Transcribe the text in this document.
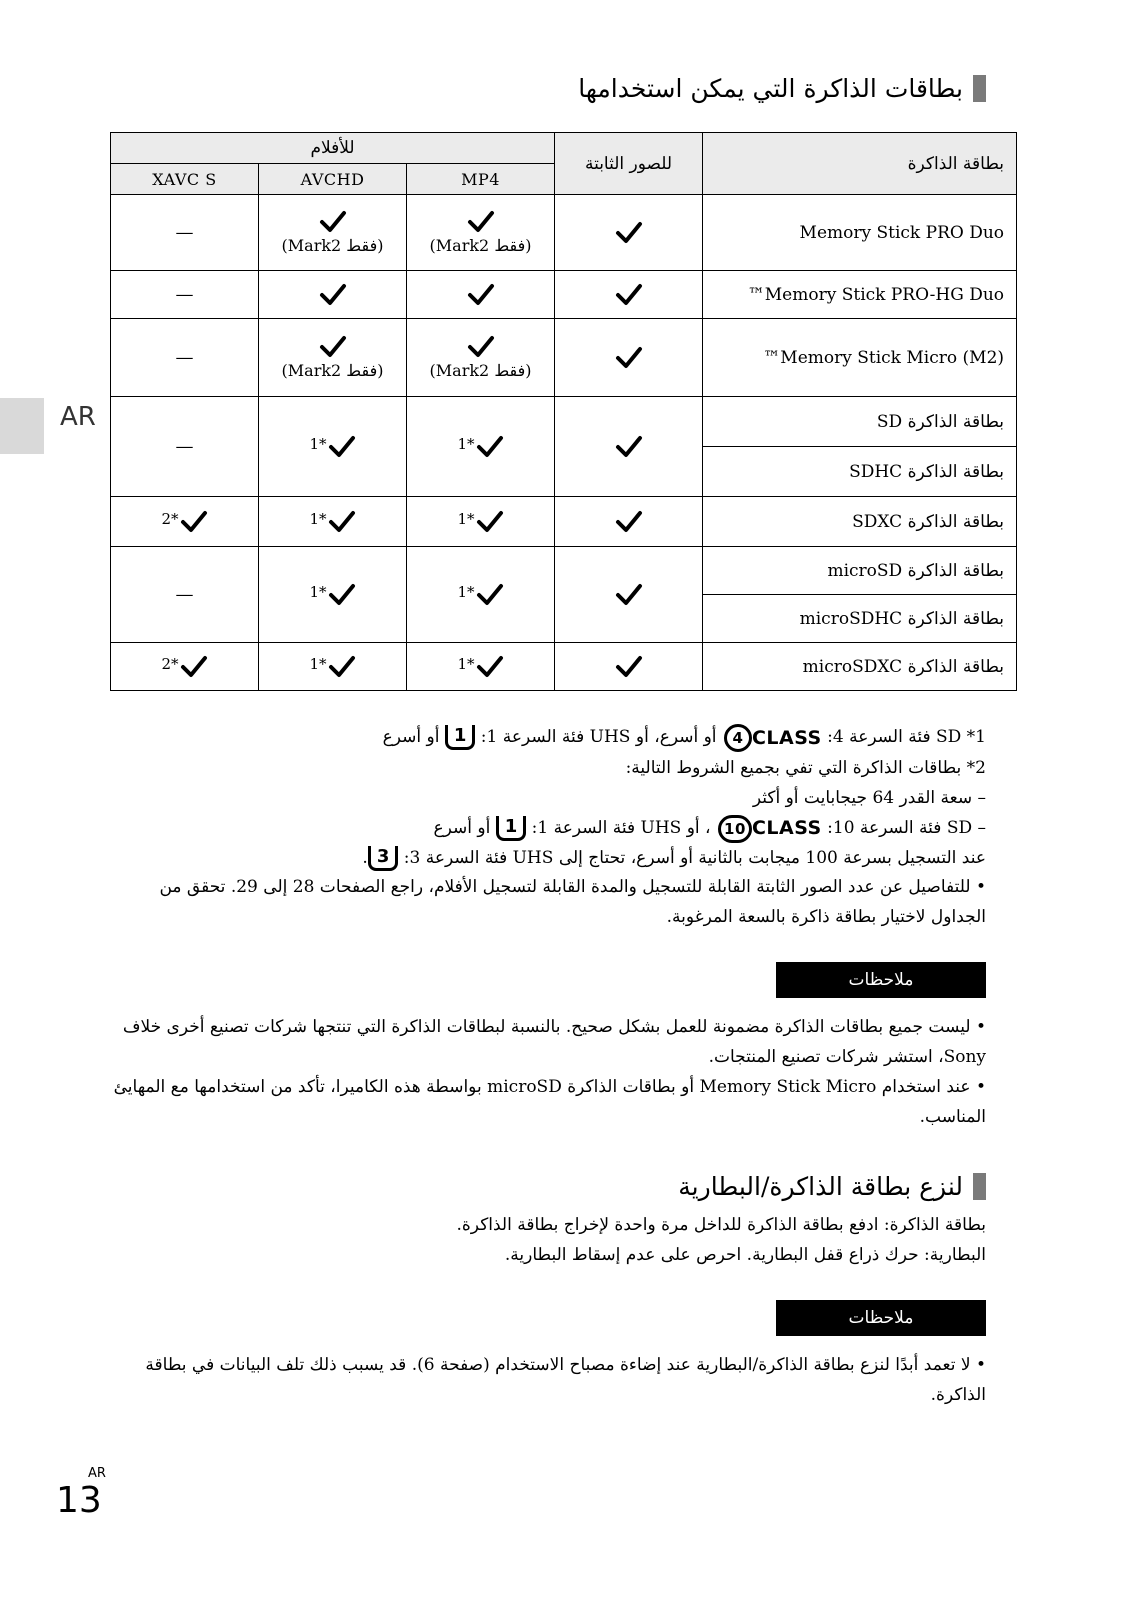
بطاقات الذاكرة التي يمكن استخدامها
للأفلام			للصور الثابتة	بطاقة الذاكرة
XAVC S	AVCHD	MP4		
—	(فقط Mark2)	(فقط Mark2)		Memory Stick PRO Duo
—				Memory Stick PRO-HG Duo™
—	(فقط Mark2)	(فقط Mark2)		(M2) Memory Stick Micro™
—	1*	1*		بطاقة الذاكرة SD
				بطاقة الذاكرة SDHC
2*	1*	1*		بطاقة الذاكرة SDXC
—	1*	1*		بطاقة الذاكرة microSD
				بطاقة الذاكرة microSDHC
2*	1*	1*		بطاقة الذاكرة microSDXC
AR

1* SD فئة السرعة 4: CLASS4 أو أسرع، أو UHS فئة السرعة 1: 1 أو أسرع

2* بطاقات الذاكرة التي تفي بجميع الشروط التالية:

– سعة القدر 64 جيجابايت أو أكثر

– SD فئة السرعة 10: CLASS10 ، أو UHS فئة السرعة 1: 1 أو أسرع

عند التسجيل بسرعة 100 ميجابت بالثانية أو أسرع، تحتاج إلى UHS فئة السرعة 3: 3.

• للتفاصيل عن عدد الصور الثابتة القابلة للتسجيل والمدة القابلة لتسجيل الأفلام، راجع الصفحات 28 إلى 29. تحقق من الجداول لاختيار بطاقة ذاكرة بالسعة المرغوبة.

ملاحظات

• ليست جميع بطاقات الذاكرة مضمونة للعمل بشكل صحيح. بالنسبة لبطاقات الذاكرة التي تنتجها شركات تصنيع أخرى خلاف Sony، استشر شركات تصنيع المنتجات.

• عند استخدام Memory Stick Micro أو بطاقات الذاكرة microSD بواسطة هذه الكاميرا، تأكد من استخدامها مع المهايئ المناسب.

لنزع بطاقة الذاكرة/البطارية

بطاقة الذاكرة: ادفع بطاقة الذاكرة للداخل مرة واحدة لإخراج بطاقة الذاكرة.

البطارية: حرك ذراع قفل البطارية. احرص على عدم إسقاط البطارية.

ملاحظات

• لا تعمد أبدًا لنزع بطاقة الذاكرة/البطارية عند إضاءة مصباح الاستخدام (صفحة 6). قد يسبب ذلك تلف البيانات في بطاقة الذاكرة.

AR
13
